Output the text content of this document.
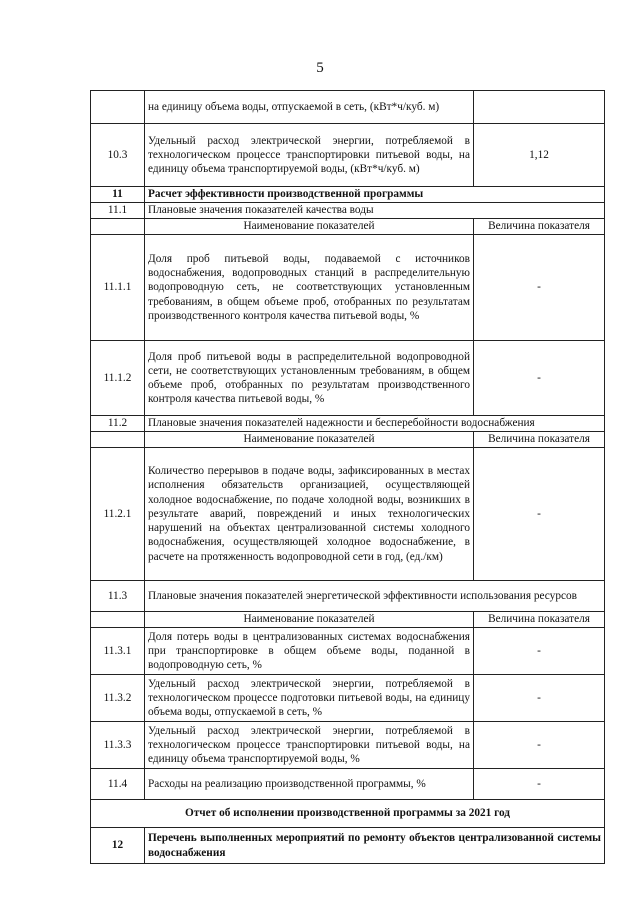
5
	на единицу объема воды, отпускаемой в сеть, (кВт*ч/куб. м)	
10.3	Удельный расход электрической энергии, потребляемой в технологическом процессе транспортировки питьевой воды, на единицу объема транспортируемой воды, (кВт*ч/куб. м)	1,12
11	Расчет эффективности производственной программы	
11.1	Плановые значения показателей качества воды	
	Наименование показателей	Величина показателя
11.1.1	Доля проб питьевой воды, подаваемой с источников водоснабжения, водопроводных станций в распределительную водопроводную сеть, не соответствующих установленным требованиям, в общем объеме проб, отобранных по результатам производственного контроля качества питьевой воды, %	-
11.1.2	Доля проб питьевой воды в распределительной водопроводной сети, не соответствующих установленным требованиям, в общем объеме проб, отобранных по результатам производственного контроля качества питьевой воды, %	-
11.2	Плановые значения показателей надежности и бесперебойности водоснабжения	
	Наименование показателей	Величина показателя
11.2.1	Количество перерывов в подаче воды, зафиксированных в местах исполнения обязательств организацией, осуществляющей холодное водоснабжение, по подаче холодной воды, возникших в результате аварий, повреждений и иных технологических нарушений на объектах централизованной системы холодного водоснабжения, осуществляющей холодное водоснабжение, в расчете на протяженность водопроводной сети в год, (ед./км)	-
11.3	Плановые значения показателей энергетической эффективности использования ресурсов	
	Наименование показателей	Величина показателя
11.3.1	Доля потерь воды в централизованных системах водоснабжения при транспортировке в общем объеме воды, поданной в водопроводную сеть, %	-
11.3.2	Удельный расход электрической энергии, потребляемой в технологическом процессе подготовки питьевой воды, на единицу объема воды, отпускаемой в сеть, %	-
11.3.3	Удельный расход электрической энергии, потребляемой в технологическом процессе транспортировки питьевой воды, на единицу объема транспортируемой воды, %	-
11.4	Расходы на реализацию производственной программы, %	-
Отчет об исполнении производственной программы за 2021 год		
12	Перечень выполненных мероприятий по ремонту объектов централизованной системы водоснабжения	
